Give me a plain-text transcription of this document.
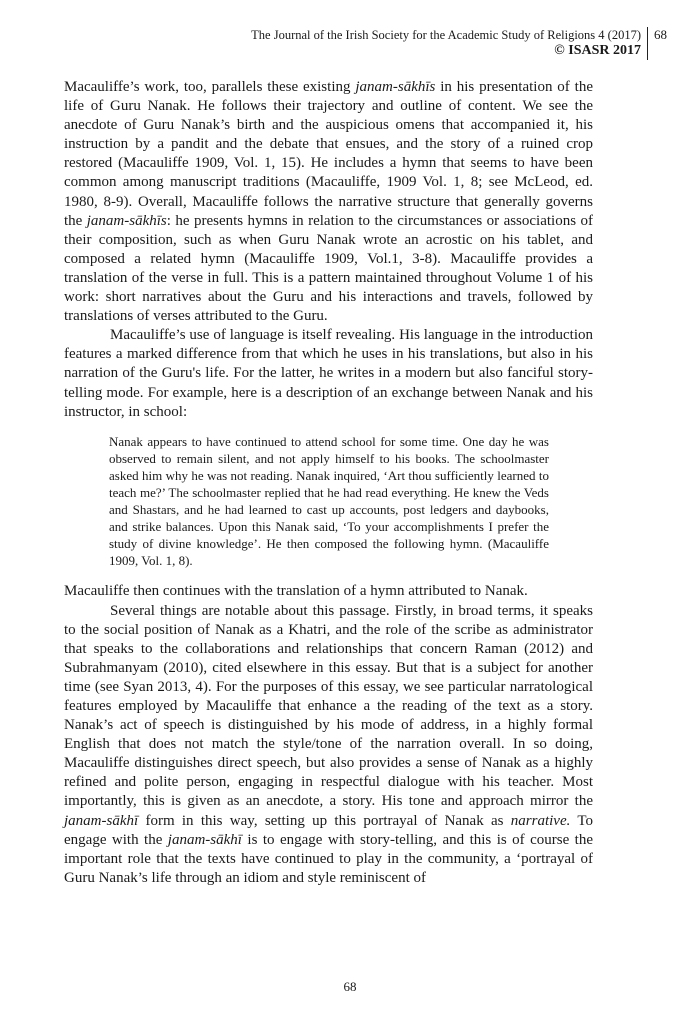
The Journal of the Irish Society for the Academic Study of Religions 4 (2017)
© ISASR 2017
68

Macauliffe’s work, too, parallels these existing janam-sākhīs in his presentation of the life of Guru Nanak. He follows their trajectory and outline of content. We see the anecdote of Guru Nanak’s birth and the auspicious omens that accompanied it, his instruction by a pandit and the debate that ensues, and the story of a ruined crop restored (Macauliffe 1909, Vol. 1, 15). He includes a hymn that seems to have been common among manuscript traditions (Macauliffe, 1909 Vol. 1, 8; see McLeod, ed. 1980, 8-9). Overall, Macauliffe follows the narrative structure that generally governs the janam-sākhīs: he presents hymns in relation to the circumstances or associations of their composition, such as when Guru Nanak wrote an acrostic on his tablet, and composed a related hymn (Macauliffe 1909, Vol.1, 3-8). Macauliffe provides a translation of the verse in full. This is a pattern maintained throughout Volume 1 of his work: short narratives about the Guru and his interactions and travels, followed by translations of verses attributed to the Guru.

Macauliffe’s use of language is itself revealing. His language in the introduction features a marked difference from that which he uses in his translations, but also in his narration of the Guru's life. For the latter, he writes in a modern but also fanciful story-telling mode. For example, here is a description of an exchange between Nanak and his instructor, in school:

Nanak appears to have continued to attend school for some time. One day he was observed to remain silent, and not apply himself to his books. The schoolmaster asked him why he was not reading. Nanak inquired, ‘Art thou sufficiently learned to teach me?’ The schoolmaster replied that he had read everything. He knew the Veds and Shastars, and he had learned to cast up accounts, post ledgers and daybooks, and strike balances. Upon this Nanak said, ‘To your accomplishments I prefer the study of divine knowledge’. He then composed the following hymn. (Macauliffe 1909, Vol. 1, 8).

Macauliffe then continues with the translation of a hymn attributed to Nanak.

Several things are notable about this passage. Firstly, in broad terms, it speaks to the social position of Nanak as a Khatri, and the role of the scribe as administrator that speaks to the collaborations and relationships that concern Raman (2012) and Subrahmanyam (2010), cited elsewhere in this essay. But that is a subject for another time (see Syan 2013, 4). For the purposes of this essay, we see particular narratological features employed by Macauliffe that enhance a the reading of the text as a story. Nanak’s act of speech is distinguished by his mode of address, in a highly formal English that does not match the style/tone of the narration overall. In so doing, Macauliffe distinguishes direct speech, but also provides a sense of Nanak as a highly refined and polite person, engaging in respectful dialogue with his teacher. Most importantly, this is given as an anecdote, a story. His tone and approach mirror the janam-sākhī form in this way, setting up this portrayal of Nanak as narrative. To engage with the janam-sākhī is to engage with story-telling, and this is of course the important role that the texts have continued to play in the community, a ‘portrayal of Guru Nanak’s life through an idiom and style reminiscent of

68
